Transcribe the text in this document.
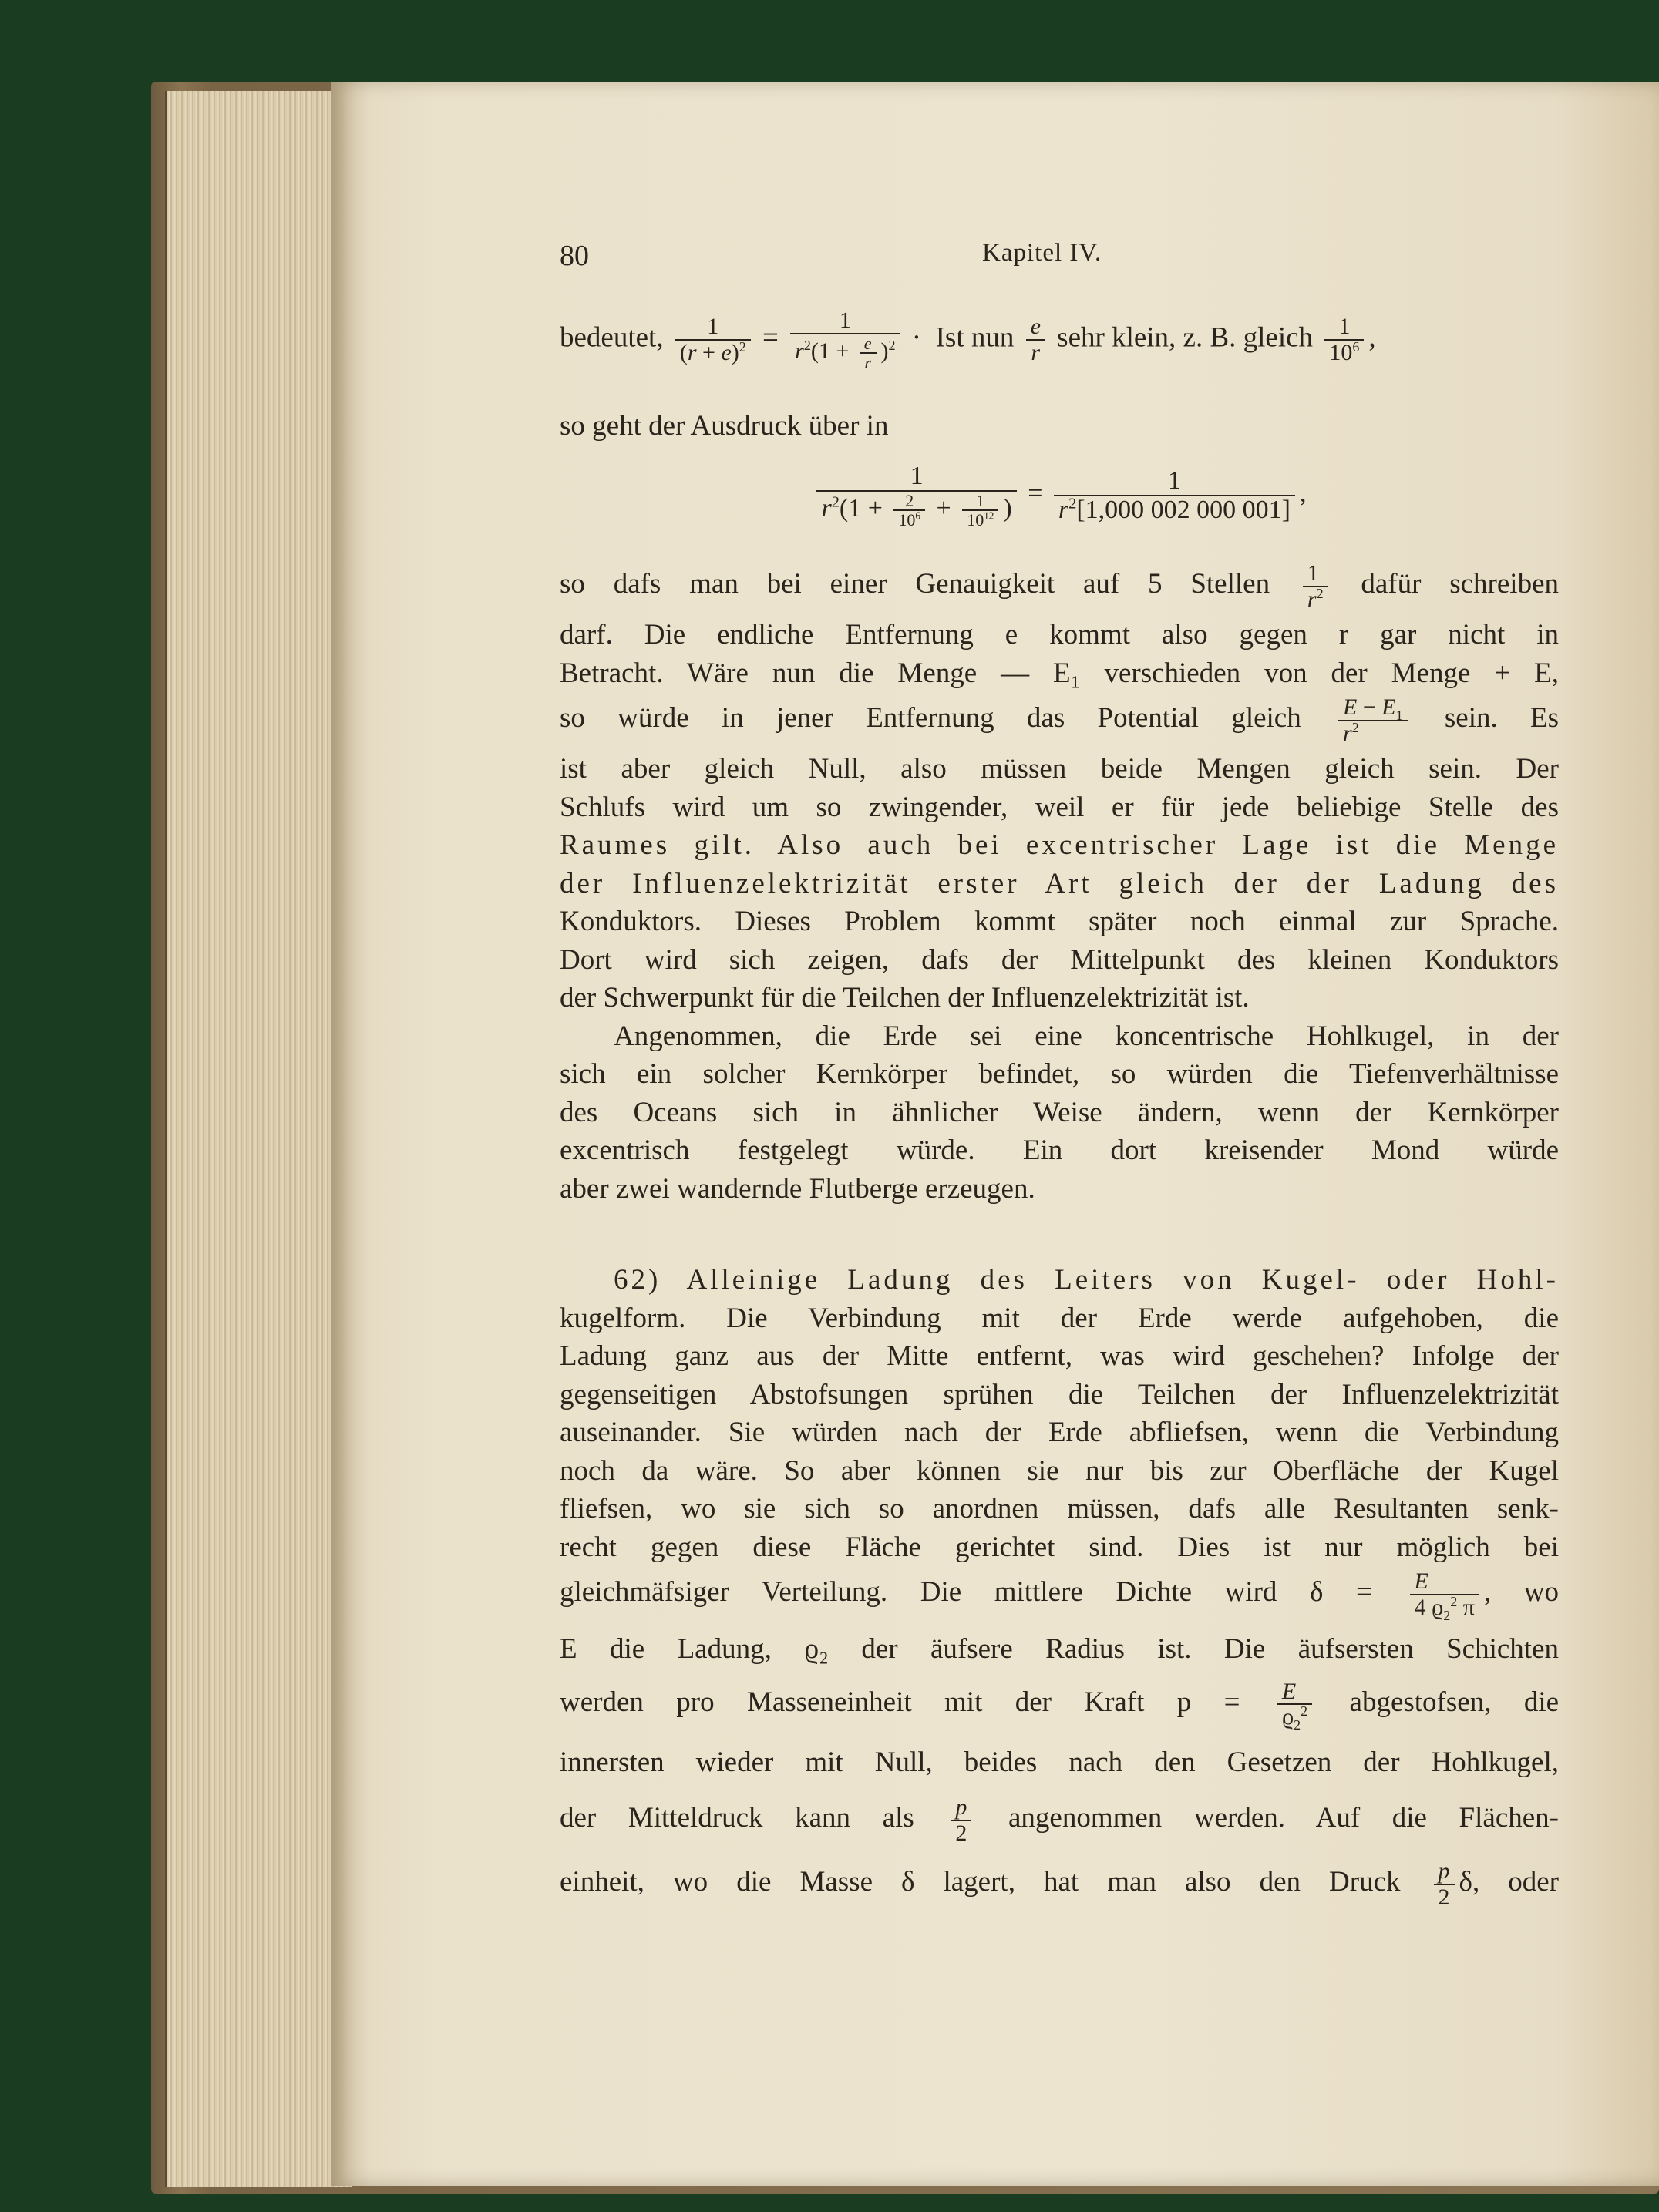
80	Kapitel IV.
bedeutet, $\frac{1}{(r + e)^2} = \frac{1}{r^2(1 + \frac{e}{r} )^2}$ ·  Ist nun $\frac{e}{r}$ sehr klein, z. B. gleich $\frac{1}{10^6}$ ,
so geht der Ausdruck über in
$\frac{1}{r^2(1 + \frac{2}{10^6} + \frac{1}{10^{12}} )} = \frac{1}{r^2[1,000 002 000 001]}$ ,
so dafs man bei einer Genauigkeit auf 5 Stellen $\frac{1}{r^2}$ dafür schreiben
darf. Die endliche Entfernung e kommt also gegen r gar nicht in
Betracht. Wäre nun die Menge — E₁ verschieden von der Menge + E,
so würde in jener Entfernung das Potential gleich $\frac{E - E_1}{r^2}$ sein. Es
ist aber gleich Null, also müssen beide Mengen gleich sein. Der
Schlufs wird um so zwingender, weil er für jede beliebige Stelle des
Raumes gilt. Also auch bei excentrischer Lage ist die Menge
der Influenzelektrizität erster Art gleich der der Ladung des
Konduktors. Dieses Problem kommt später noch einmal zur Sprache.
Dort wird sich zeigen, dafs der Mittelpunkt des kleinen Konduktors
der Schwerpunkt für die Teilchen der Influenzelektrizität ist.
Angenommen, die Erde sei eine koncentrische Hohlkugel, in der
sich ein solcher Kernkörper befindet, so würden die Tiefenverhältnisse
des Oceans sich in ähnlicher Weise ändern, wenn der Kernkörper
excentrisch festgelegt würde. Ein dort kreisender Mond würde
aber zwei wandernde Flutberge erzeugen.
62) Alleinige Ladung des Leiters von Kugel- oder Hohl-
kugelform. Die Verbindung mit der Erde werde aufgehoben, die
Ladung ganz aus der Mitte entfernt, was wird geschehen? Infolge der
gegenseitigen Abstofsungen sprühen die Teilchen der Influenzelektrizität
auseinander. Sie würden nach der Erde abfliefsen, wenn die Verbindung
noch da wäre. So aber können sie nur bis zur Oberfläche der Kugel
fliefsen, wo sie sich so anordnen müssen, dafs alle Resultanten senk-
recht gegen diese Fläche gerichtet sind. Dies ist nur möglich bei
gleichmäfsiger Verteilung. Die mittlere Dichte wird $\delta = \frac{E}{4 ϱ_2^2 \pi}$ , wo
E die Ladung, ϱ₂ der äufsere Radius ist. Die äufsersten Schichten
werden pro Masseneinheit mit der Kraft $p = \frac{E}{ϱ_2^2}$ abgestofsen, die
innersten wieder mit Null, beides nach den Gesetzen der Hohlkugel,
der Mitteldruck kann als $\frac{p}{2}$ angenommen werden. Auf die Flächen-
einheit, wo die Masse δ lagert, hat man also den Druck $\frac{p}{2} \delta$, oder
